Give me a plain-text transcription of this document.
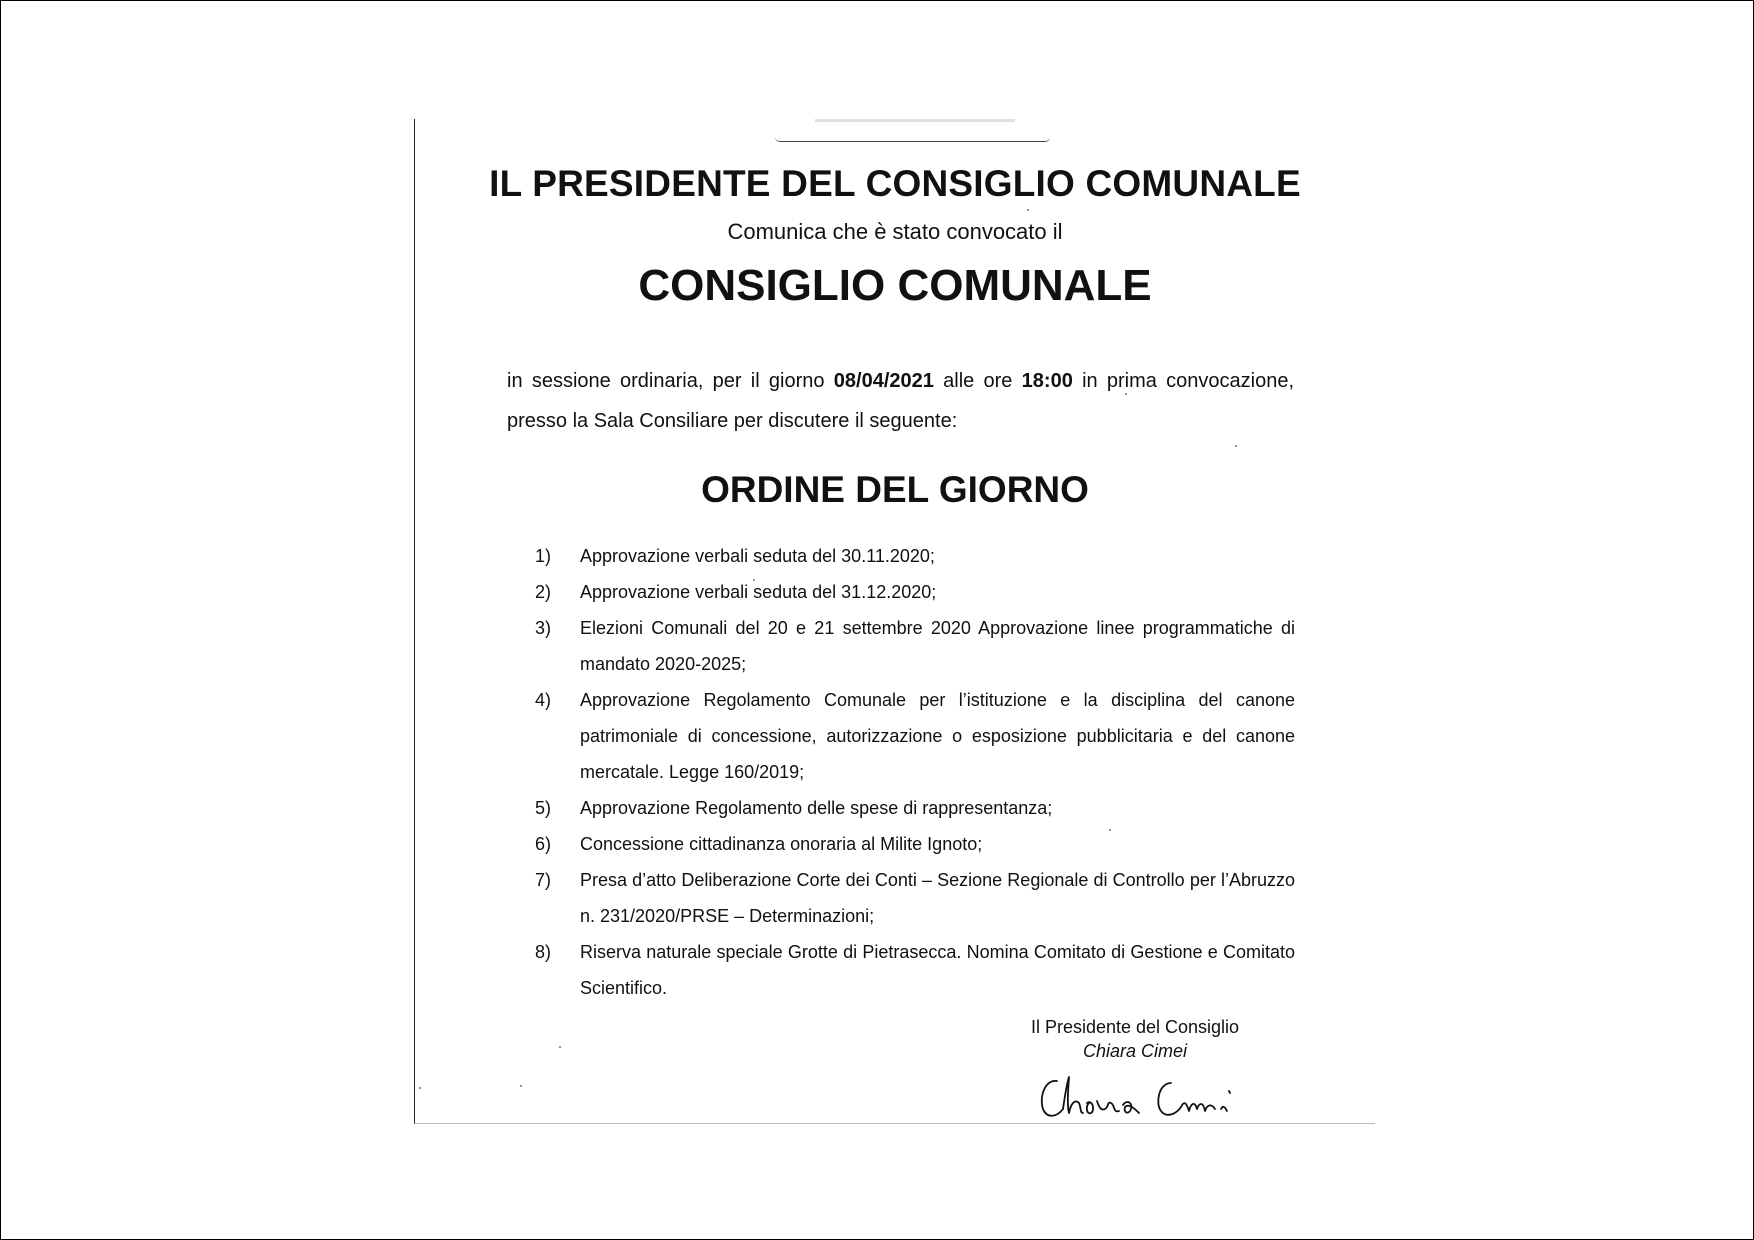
IL PRESIDENTE DEL CONSIGLIO COMUNALE
Comunica che è stato convocato il
CONSIGLIO COMUNALE
in sessione ordinaria, per il giorno 08/04/2021 alle ore 18:00 in prima convocazione,
presso la Sala Consiliare per discutere il seguente:
ORDINE DEL GIORNO
1) Approvazione verbali seduta del 30.11.2020;
2) Approvazione verbali seduta del 31.12.2020;
3) Elezioni Comunali del 20 e 21 settembre 2020 Approvazione linee programmatiche di mandato 2020-2025;
4) Approvazione Regolamento Comunale per l’istituzione e la disciplina del canone patrimoniale di concessione, autorizzazione o esposizione pubblicitaria e del canone mercatale. Legge 160/2019;
5) Approvazione Regolamento delle spese di rappresentanza;
6) Concessione cittadinanza onoraria al Milite Ignoto;
7) Presa d’atto Deliberazione Corte dei Conti – Sezione Regionale di Controllo per l’Abruzzo n. 231/2020/PRSE – Determinazioni;
8) Riserva naturale speciale Grotte di Pietrasecca. Nomina Comitato di Gestione e Comitato Scientifico.
Il Presidente del Consiglio
Chiara Cimei
